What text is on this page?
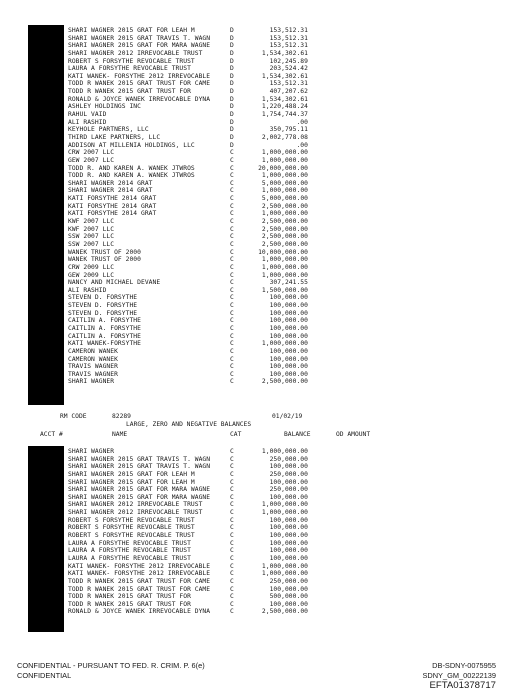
SHARI WAGNER 2015 GRAT FOR LEAH M	D	153,512.31
SHARI WAGNER 2015 GRAT TRAVIS T. WAGN	D	153,512.31
SHARI WAGNER 2015 GRAT FOR MARA WAGNE	D	153,512.31
SHARI WAGNER 2012 IRREVOCABLE TRUST	D	1,534,302.61
ROBERT S FORSYTHE REVOCABLE TRUST	D	102,245.89
LAURA A FORSYTHE REVOCABLE TRUST	D	203,524.42
KATI WANEK- FORSYTHE 2012 IRREVOCABLE	D	1,534,302.61
TODD R WANEK 2015 GRAT TRUST FOR CAME	D	153,512.31
TODD R WANEK 2015 GRAT TRUST FOR	D	407,207.62
RONALD & JOYCE WANEK IRREVOCABLE DYNA	D	1,534,302.61
ASHLEY HOLDINGS INC	D	1,220,488.24
RAHUL VAID	D	1,754,744.37
ALI RASHID	D	.00
KEYHOLE PARTNERS, LLC	D	350,795.11
THIRD LAKE PARTNERS, LLC	D	2,002,778.08
ADDISON AT MILLENIA HOLDINGS, LLC	D	.00
CRW 2007 LLC	C	1,000,000.00
GEW 2007 LLC	C	1,000,000.00
TODD R. AND KAREN A. WANEK JTWROS	C	20,000,000.00
TODD R. AND KAREN A. WANEK JTWROS	C	1,000,000.00
SHARI WAGNER 2014 GRAT	C	5,000,000.00
SHARI WAGNER 2014 GRAT	C	1,000,000.00
KATI FORSYTHE 2014 GRAT	C	5,000,000.00
KATI FORSYTHE 2014 GRAT	C	2,500,000.00
KATI FORSYTHE 2014 GRAT	C	1,000,000.00
KWF 2007 LLC	C	2,500,000.00
KWF 2007 LLC	C	2,500,000.00
SSW 2007 LLC	C	2,500,000.00
SSW 2007 LLC	C	2,500,000.00
WANEK TRUST OF 2000	C	10,000,000.00
WANEK TRUST OF 2000	C	1,000,000.00
CRW 2009 LLC	C	1,000,000.00
GEW 2009 LLC	C	1,000,000.00
NANCY AND MICHAEL DEVANE	C	307,241.55
ALI RASHID	C	1,500,000.00
STEVEN D. FORSYTHE	C	100,000.00
STEVEN D. FORSYTHE	C	100,000.00
STEVEN D. FORSYTHE	C	100,000.00
CAITLIN A. FORSYTHE	C	100,000.00
CAITLIN A. FORSYTHE	C	100,000.00
CAITLIN A. FORSYTHE	C	100,000.00
KATI WANEK-FORSYTHE	C	1,000,000.00
CAMERON WANEK	C	100,000.00
CAMERON WANEK	C	100,000.00
TRAVIS WAGNER	C	100,000.00
TRAVIS WAGNER	C	100,000.00
SHARI WAGNER	C	2,500,000.00
RM CODE	82289	01/02/19
LARGE, ZERO AND NEGATIVE BALANCES
ACCT #	NAME	CAT	BALANCE	OD AMOUNT
SHARI WAGNER	C	1,000,000.00
SHARI WAGNER 2015 GRAT TRAVIS T. WAGN	C	250,000.00
SHARI WAGNER 2015 GRAT TRAVIS T. WAGN	C	100,000.00
SHARI WAGNER 2015 GRAT FOR LEAH M	C	250,000.00
SHARI WAGNER 2015 GRAT FOR LEAH M	C	100,000.00
SHARI WAGNER 2015 GRAT FOR MARA WAGNE	C	250,000.00
SHARI WAGNER 2015 GRAT FOR MARA WAGNE	C	100,000.00
SHARI WAGNER 2012 IRREVOCABLE TRUST	C	1,000,000.00
SHARI WAGNER 2012 IRREVOCABLE TRUST	C	1,000,000.00
ROBERT S FORSYTHE REVOCABLE TRUST	C	100,000.00
ROBERT S FORSYTHE REVOCABLE TRUST	C	100,000.00
ROBERT S FORSYTHE REVOCABLE TRUST	C	100,000.00
LAURA A FORSYTHE REVOCABLE TRUST	C	100,000.00
LAURA A FORSYTHE REVOCABLE TRUST	C	100,000.00
LAURA A FORSYTHE REVOCABLE TRUST	C	100,000.00
KATI WANEK- FORSYTHE 2012 IRREVOCABLE	C	1,000,000.00
KATI WANEK- FORSYTHE 2012 IRREVOCABLE	C	1,000,000.00
TODD R WANEK 2015 GRAT TRUST FOR CAME	C	250,000.00
TODD R WANEK 2015 GRAT TRUST FOR CAME	C	100,000.00
TODD R WANEK 2015 GRAT TRUST FOR	C	500,000.00
TODD R WANEK 2015 GRAT TRUST FOR	C	100,000.00
RONALD & JOYCE WANEK IRREVOCABLE DYNA	C	2,500,000.00
CONFIDENTIAL - PURSUANT TO FED. R. CRIM. P. 6(e)
CONFIDENTIAL
DB-SDNY-0075955
SDNY_GM_00222139
EFTA01378717
